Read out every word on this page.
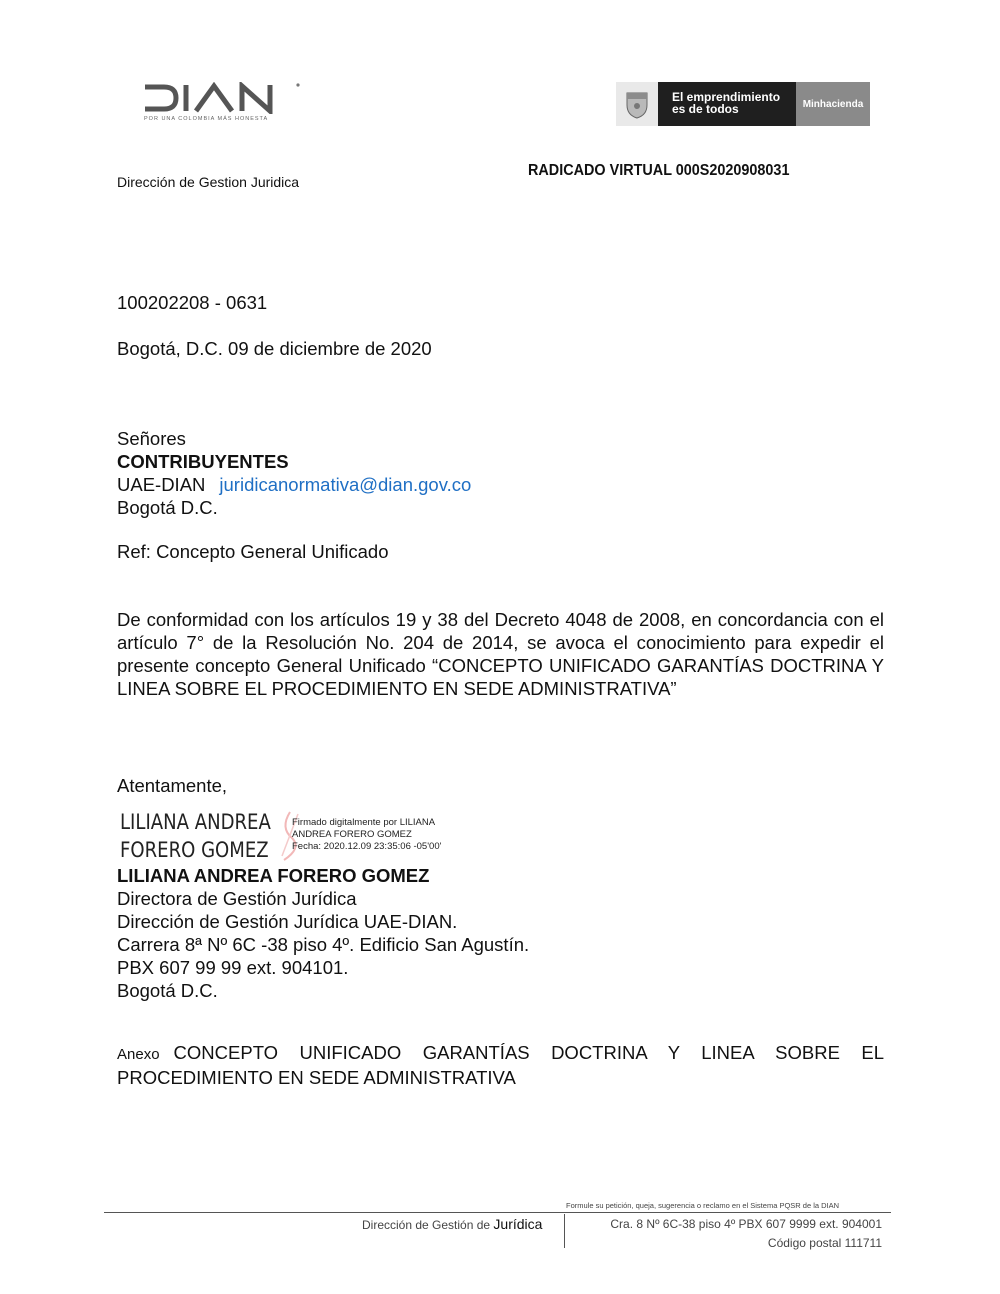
POR UNA COLOMBIA MÁS HONESTA
El emprendimiento
es de todos	Minhacienda
Dirección de Gestion Juridica
RADICADO VIRTUAL 000S2020908031
100202208 - 0631
Bogotá, D.C. 09 de diciembre de 2020
Señores
CONTRIBUYENTES
UAE-DIAN juridicanormativa@dian.gov.co
Bogotá D.C.
Ref: Concepto General Unificado
De conformidad con los artículos 19 y 38 del Decreto 4048 de 2008, en concordancia con el artículo 7° de la Resolución No. 204 de 2014, se avoca el conocimiento para expedir el presente concepto General Unificado “CONCEPTO UNIFICADO GARANTÍAS DOCTRINA Y LINEA SOBRE EL PROCEDIMIENTO EN SEDE ADMINISTRATIVA”
Atentamente,
LILIANA ANDREA
FORERO GOMEZ
Firmado digitalmente por LILIANA
ANDREA FORERO GOMEZ
Fecha: 2020.12.09 23:35:06 -05'00'
LILIANA ANDREA FORERO GOMEZ
Directora de Gestión Jurídica
Dirección de Gestión Jurídica UAE-DIAN.
Carrera 8ª Nº 6C -38 piso 4º. Edificio San Agustín.
PBX 607 99 99 ext. 904101.
Bogotá D.C.
Anexo CONCEPTO UNIFICADO GARANTÍAS DOCTRINA Y LINEA SOBRE EL PROCEDIMIENTO EN SEDE ADMINISTRATIVA
Formule su petición, queja, sugerencia o reclamo en el Sistema PQSR de la DIAN
Dirección de Gestión de Jurídica	Cra. 8 Nº 6C-38 piso 4º PBX 607 9999 ext. 904001
Código postal 111711
